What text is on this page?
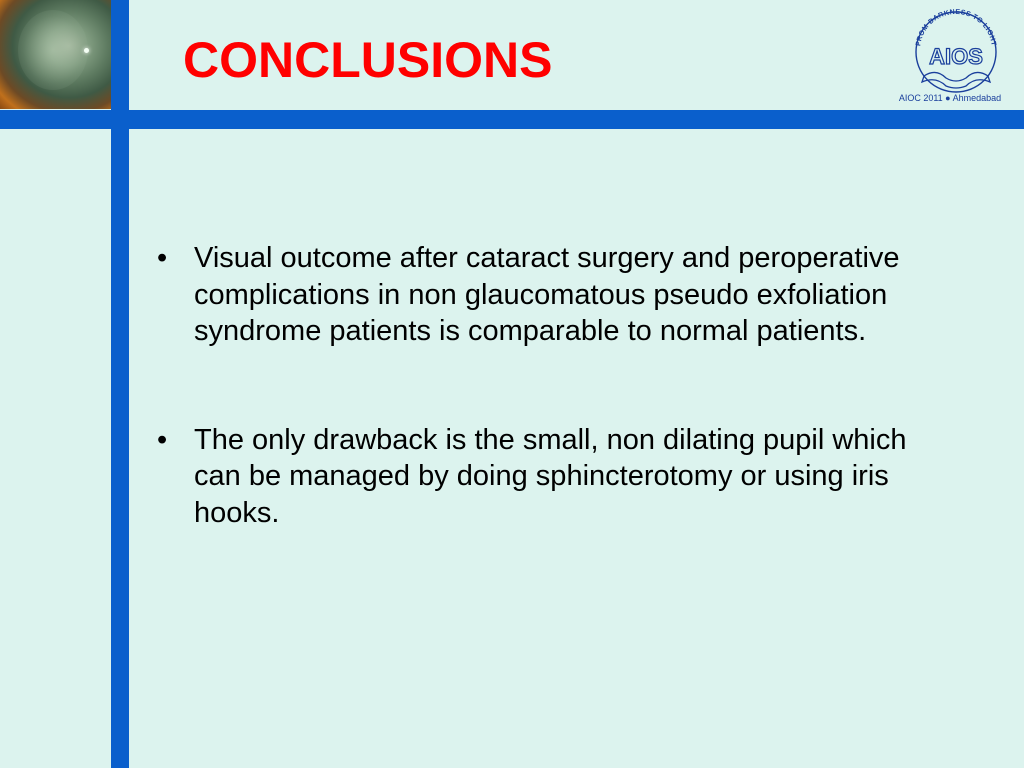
CONCLUSIONS	FROM DARKNESS TO LIGHT
AIOS
AIOC 2011 ● Ahmedabad
• Visual outcome after cataract surgery and peroperative complications in non glaucomatous pseudo exfoliation syndrome patients is comparable to normal patients.
• The only drawback is the small, non dilating pupil which can be managed by doing sphincterotomy or using iris hooks.
